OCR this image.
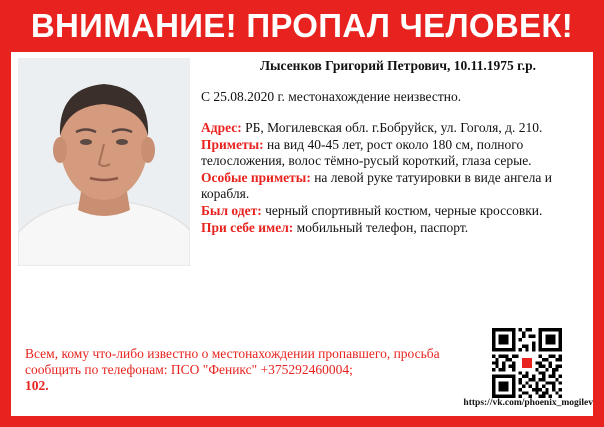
ВНИМАНИЕ! ПРОПАЛ ЧЕЛОВЕК!
Лысенков Григорий Петрович, 10.11.1975 г.р.
С 25.08.2020 г. местонахождение неизвестно.

Адрес: РБ, Могилевская обл. г.Бобруйск, ул. Гоголя, д. 210.

Приметы: на вид 40-45 лет, рост около 180 см, полного телосложения, волос тёмно-русый короткий, глаза серые.

Особые приметы: на левой руке татуировки в виде ангела и корабля.

Был одет: черный спортивный костюм, черные кроссовки.

При себе имел: мобильный телефон, паспорт.

Всем, кому что-либо известно о местонахождении пропавшего, просьба сообщить по телефонам: ПСО "Феникс" +375292460004;
102.
https://vk.com/phoenix_mogilev
